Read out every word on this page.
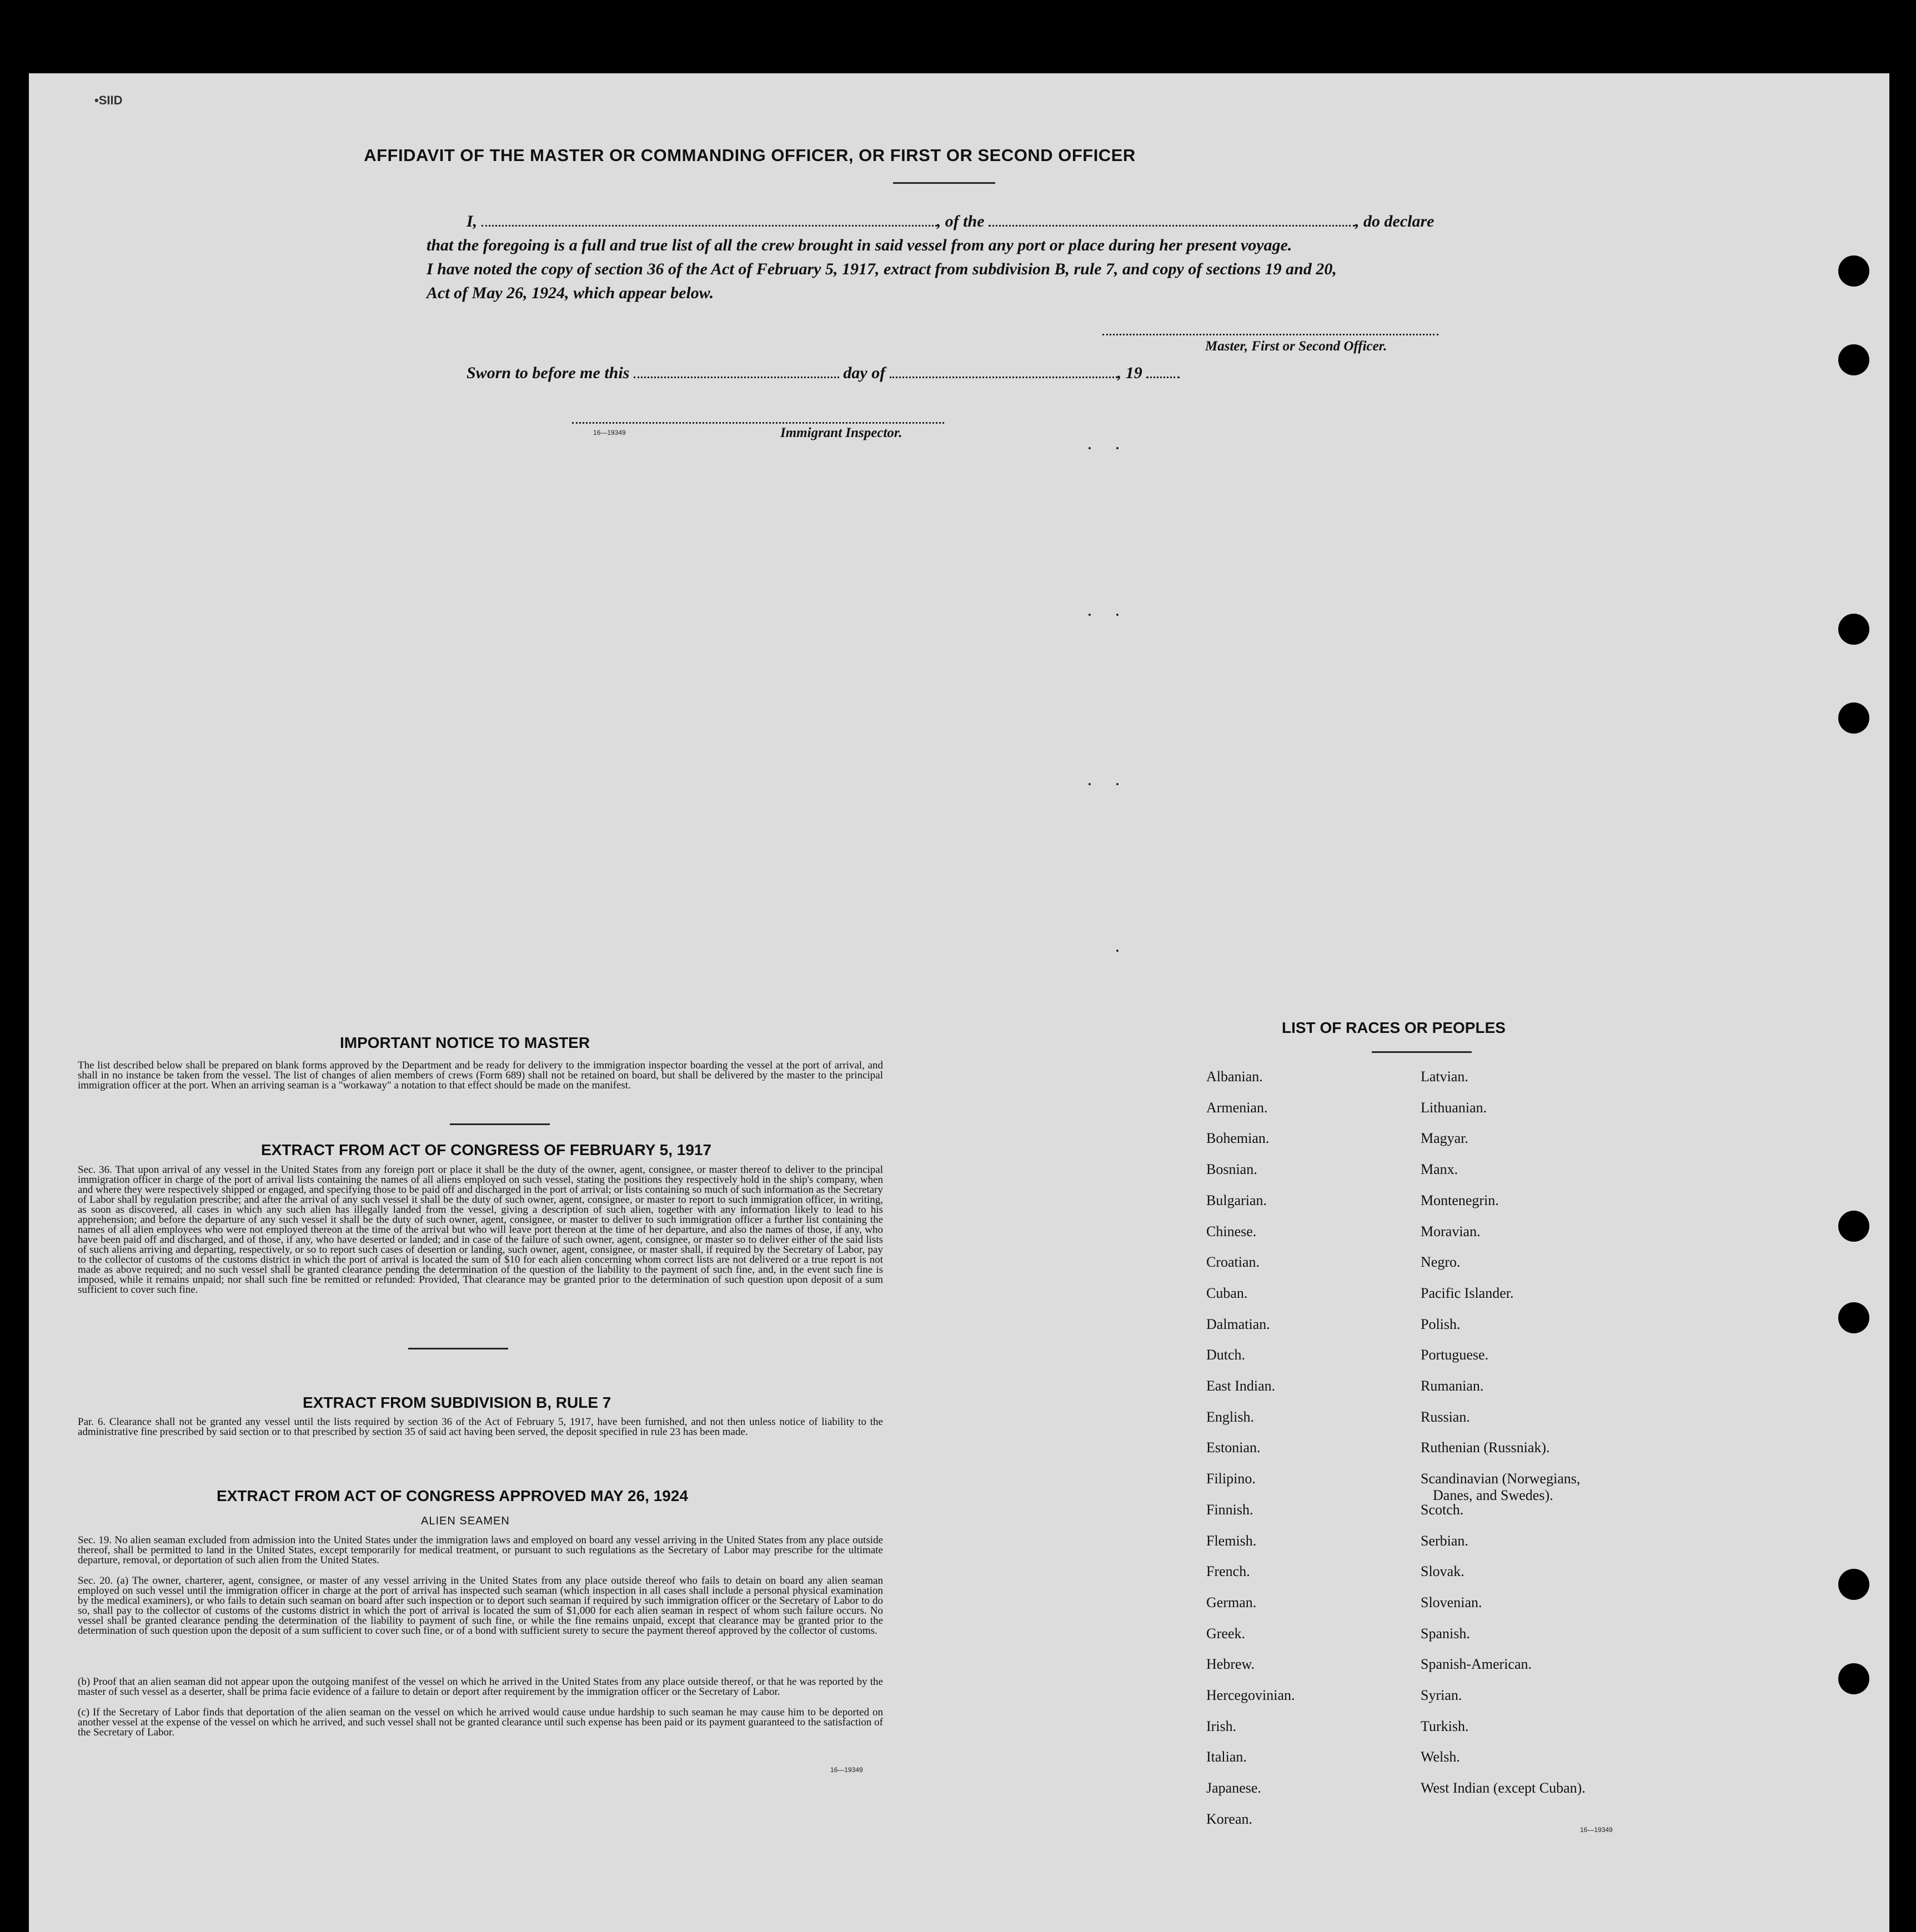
•SIID
AFFIDAVIT OF THE MASTER OR COMMANDING OFFICER, OR FIRST OR SECOND OFFICER
I,	, of the	, do declare
that the foregoing is a full and true list of all the crew brought in said vessel from any port or place during her present voyage.
I have noted the copy of section 36 of the Act of February 5, 1917, extract from subdivision B, rule 7, and copy of sections 19 and 20,
Act of May 26, 1924, which appear below.
Master, First or Second Officer.
Sworn to before me this	day of	, 19
16—19349	Immigrant Inspector.
IMPORTANT NOTICE TO MASTER
The list described below shall be prepared on blank forms approved by the Department and be ready for delivery to the immigration inspector boarding the vessel at the port of arrival, and shall in no instance be taken from the vessel. The list of changes of alien members of crews (Form 689) shall not be retained on board, but shall be delivered by the master to the principal immigration officer at the port. When an arriving seaman is a "workaway" a notation to that effect should be made on the manifest.
EXTRACT FROM ACT OF CONGRESS OF FEBRUARY 5, 1917
Sec. 36. That upon arrival of any vessel in the United States from any foreign port or place it shall be the duty of the owner, agent, consignee, or master thereof to deliver to the principal immigration officer in charge of the port of arrival lists containing the names of all aliens employed on such vessel, stating the positions they respectively hold in the ship's company, when and where they were respectively shipped or engaged, and specifying those to be paid off and discharged in the port of arrival; or lists containing so much of such information as the Secretary of Labor shall by regulation prescribe; and after the arrival of any such vessel it shall be the duty of such owner, agent, consignee, or master to report to such immigration officer, in writing, as soon as discovered, all cases in which any such alien has illegally landed from the vessel, giving a description of such alien, together with any information likely to lead to his apprehension; and before the departure of any such vessel it shall be the duty of such owner, agent, consignee, or master to deliver to such immigration officer a further list containing the names of all alien employees who were not employed thereon at the time of the arrival but who will leave port thereon at the time of her departure, and also the names of those, if any, who have been paid off and discharged, and of those, if any, who have deserted or landed; and in case of the failure of such owner, agent, consignee, or master so to deliver either of the said lists of such aliens arriving and departing, respectively, or so to report such cases of desertion or landing, such owner, agent, consignee, or master shall, if required by the Secretary of Labor, pay to the collector of customs of the customs district in which the port of arrival is located the sum of $10 for each alien concerning whom correct lists are not delivered or a true report is not made as above required; and no such vessel shall be granted clearance pending the determination of the question of the liability to the payment of such fine, and, in the event such fine is imposed, while it remains unpaid; nor shall such fine be remitted or refunded: Provided, That clearance may be granted prior to the determination of such question upon deposit of a sum sufficient to cover such fine.
EXTRACT FROM SUBDIVISION B, RULE 7
Par. 6. Clearance shall not be granted any vessel until the lists required by section 36 of the Act of February 5, 1917, have been furnished, and not then unless notice of liability to the administrative fine prescribed by said section or to that prescribed by section 35 of said act having been served, the deposit specified in rule 23 has been made.
EXTRACT FROM ACT OF CONGRESS APPROVED MAY 26, 1924
ALIEN SEAMEN
Sec. 19. No alien seaman excluded from admission into the United States under the immigration laws and employed on board any vessel arriving in the United States from any place outside thereof, shall be permitted to land in the United States, except temporarily for medical treatment, or pursuant to such regulations as the Secretary of Labor may prescribe for the ultimate departure, removal, or deportation of such alien from the United States.
Sec. 20. (a) The owner, charterer, agent, consignee, or master of any vessel arriving in the United States from any place outside thereof who fails to detain on board any alien seaman employed on such vessel until the immigration officer in charge at the port of arrival has inspected such seaman (which inspection in all cases shall include a personal physical examination by the medical examiners), or who fails to detain such seaman on board after such inspection or to deport such seaman if required by such immigration officer or the Secretary of Labor to do so, shall pay to the collector of customs of the customs district in which the port of arrival is located the sum of $1,000 for each alien seaman in respect of whom such failure occurs. No vessel shall be granted clearance pending the determination of the liability to payment of such fine, or while the fine remains unpaid, except that clearance may be granted prior to the determination of such question upon the deposit of a sum sufficient to cover such fine, or of a bond with sufficient surety to secure the payment thereof approved by the collector of customs.
(b) Proof that an alien seaman did not appear upon the outgoing manifest of the vessel on which he arrived in the United States from any place outside thereof, or that he was reported by the master of such vessel as a deserter, shall be prima facie evidence of a failure to detain or deport after requirement by the immigration officer or the Secretary of Labor.
(c) If the Secretary of Labor finds that deportation of the alien seaman on the vessel on which he arrived would cause undue hardship to such seaman he may cause him to be deported on another vessel at the expense of the vessel on which he arrived, and such vessel shall not be granted clearance until such expense has been paid or its payment guaranteed to the satisfaction of the Secretary of Labor.
16—19349
LIST OF RACES OR PEOPLES
Albanian.
Armenian.
Bohemian.
Bosnian.
Bulgarian.
Chinese.
Croatian.
Cuban.
Dalmatian.
Dutch.
East Indian.
English.
Estonian.
Filipino.
Finnish.
Flemish.
French.
German.
Greek.
Hebrew.
Hercegovinian.
Irish.
Italian.
Japanese.
Korean.
Latvian.
Lithuanian.
Magyar.
Manx.
Montenegrin.
Moravian.
Negro.
Pacific Islander.
Polish.
Portuguese.
Rumanian.
Russian.
Ruthenian (Russniak).
Scandinavian (Norwegians,
Danes, and Swedes).
Scotch.
Serbian.
Slovak.
Slovenian.
Spanish.
Spanish-American.
Syrian.
Turkish.
Welsh.
West Indian (except Cuban).
16—19349
